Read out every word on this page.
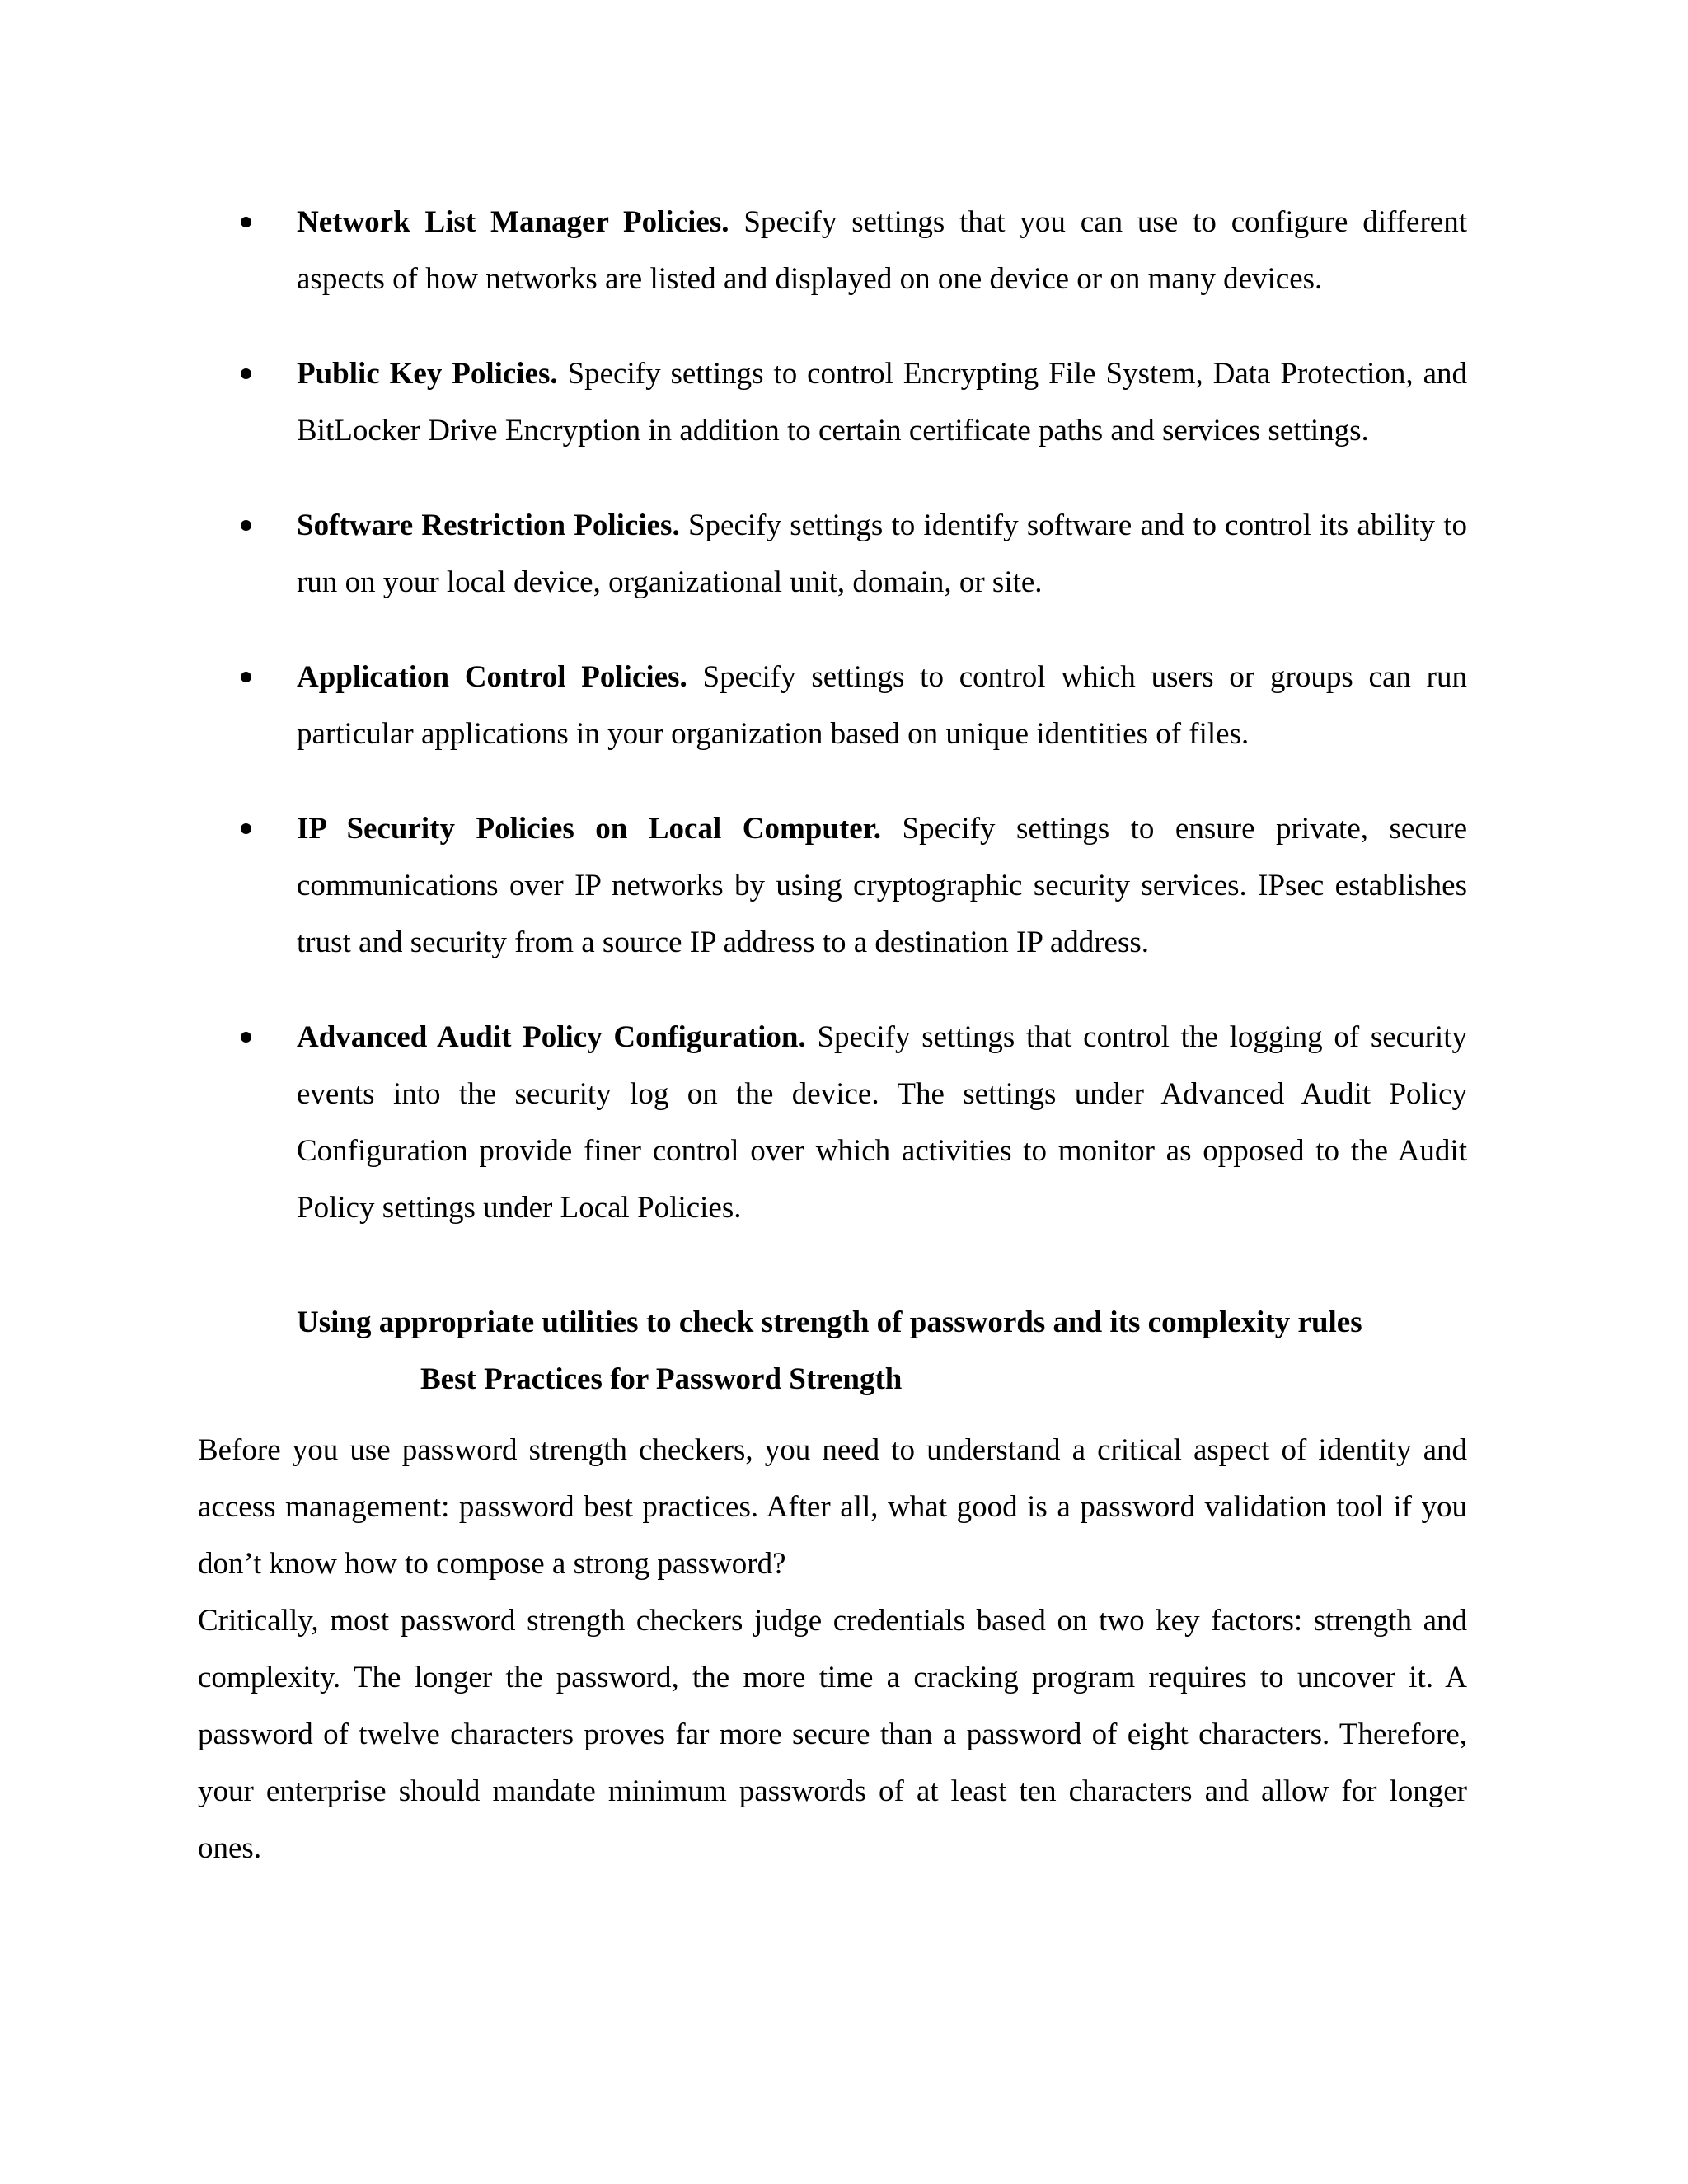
Network List Manager Policies. Specify settings that you can use to configure different aspects of how networks are listed and displayed on one device or on many devices.
Public Key Policies. Specify settings to control Encrypting File System, Data Protection, and BitLocker Drive Encryption in addition to certain certificate paths and services settings.
Software Restriction Policies. Specify settings to identify software and to control its ability to run on your local device, organizational unit, domain, or site.
Application Control Policies. Specify settings to control which users or groups can run particular applications in your organization based on unique identities of files.
IP Security Policies on Local Computer. Specify settings to ensure private, secure communications over IP networks by using cryptographic security services. IPsec establishes trust and security from a source IP address to a destination IP address.
Advanced Audit Policy Configuration. Specify settings that control the logging of security events into the security log on the device. The settings under Advanced Audit Policy Configuration provide finer control over which activities to monitor as opposed to the Audit Policy settings under Local Policies.
Using appropriate utilities to check strength of passwords and its complexity rules
Best Practices for Password Strength

Before you use password strength checkers, you need to understand a critical aspect of identity and access management: password best practices. After all, what good is a password validation tool if you don’t know how to compose a strong password?

Critically, most password strength checkers judge credentials based on two key factors: strength and complexity. The longer the password, the more time a cracking program requires to uncover it. A password of twelve characters proves far more secure than a password of eight characters. Therefore, your enterprise should mandate minimum passwords of at least ten characters and allow for longer ones.
